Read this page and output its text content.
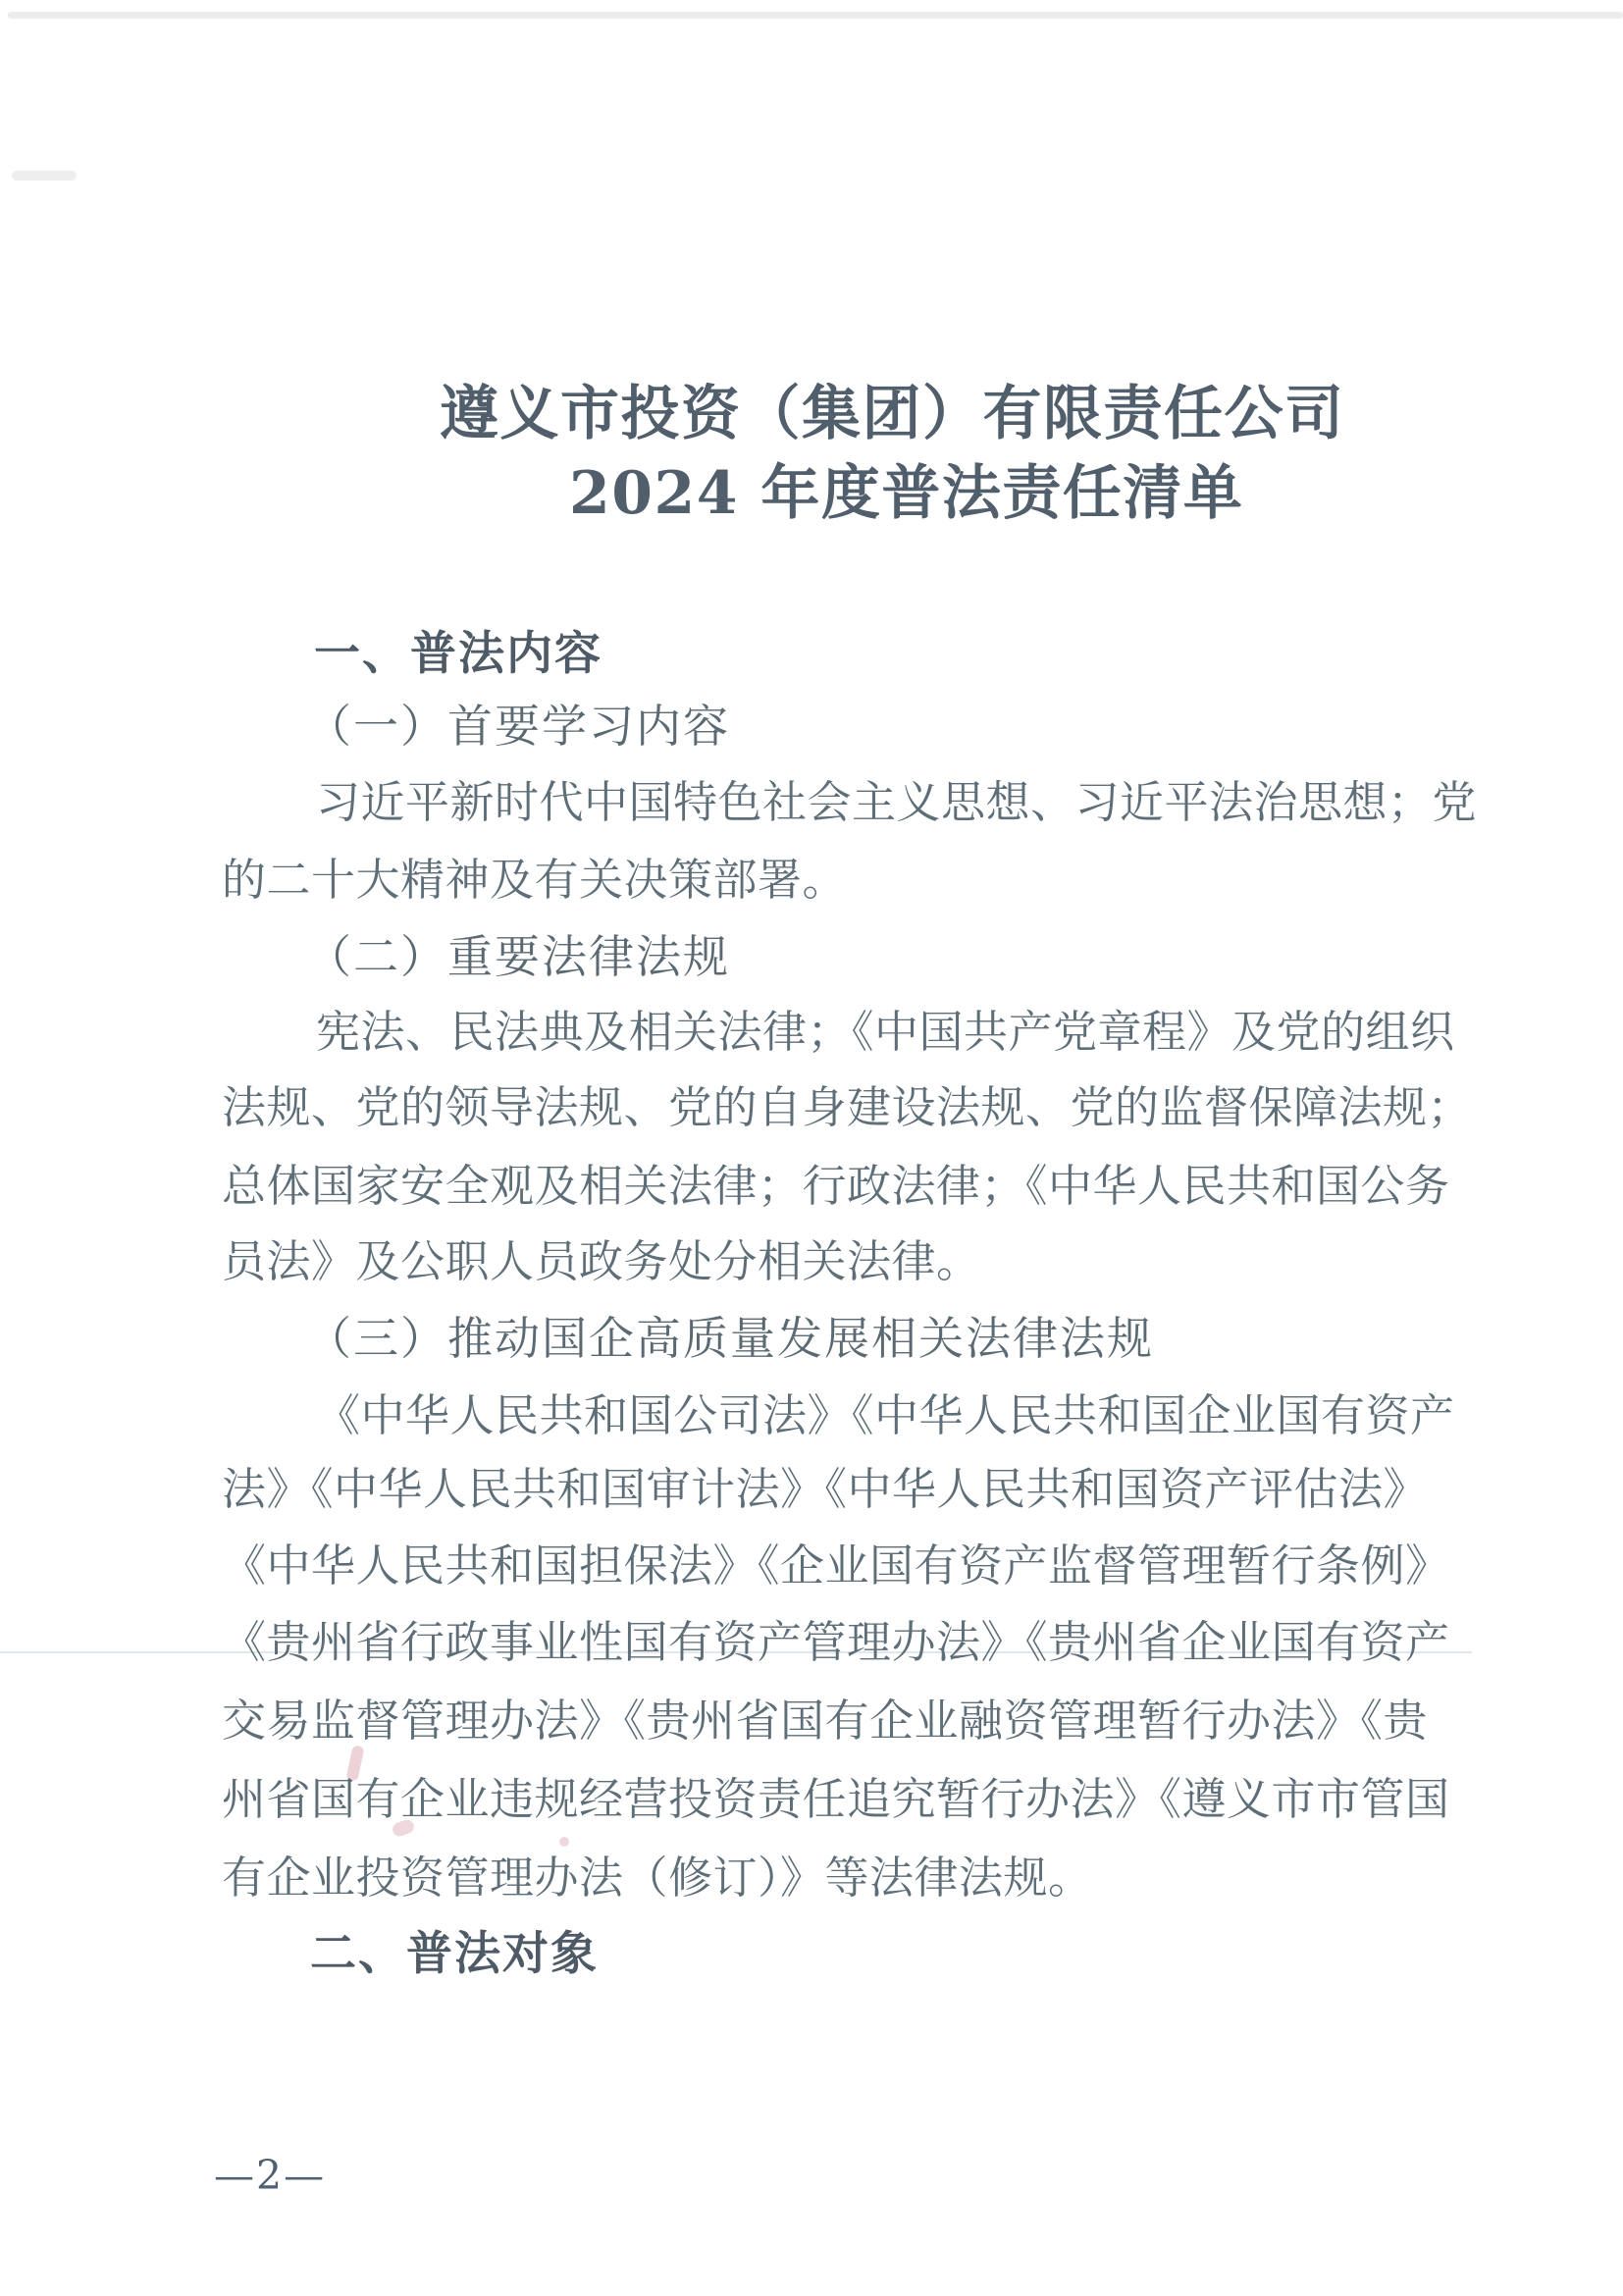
遵义市投资（集团）有限责任公司
2024 年度普法责任清单
一、普法内容
（一）首要学习内容
习近平新时代中国特色社会主义思想、习近平法治思想；党
的二十大精神及有关决策部署。
（二）重要法律法规
宪法、民法典及相关法律；《中国共产党章程》及党的组织
法规、党的领导法规、党的自身建设法规、党的监督保障法规；
总体国家安全观及相关法律；行政法律；《中华人民共和国公务
员法》及公职人员政务处分相关法律。
（三）推动国企高质量发展相关法律法规
《中华人民共和国公司法》《中华人民共和国企业国有资产
法》《中华人民共和国审计法》《中华人民共和国资产评估法》
《中华人民共和国担保法》《企业国有资产监督管理暂行条例》
《贵州省行政事业性国有资产管理办法》《贵州省企业国有资产
交易监督管理办法》《贵州省国有企业融资管理暂行办法》《贵
州省国有企业违规经营投资责任追究暂行办法》《遵义市市管国
有企业投资管理办法（修订）》等法律法规。
二、普法对象
—2—
